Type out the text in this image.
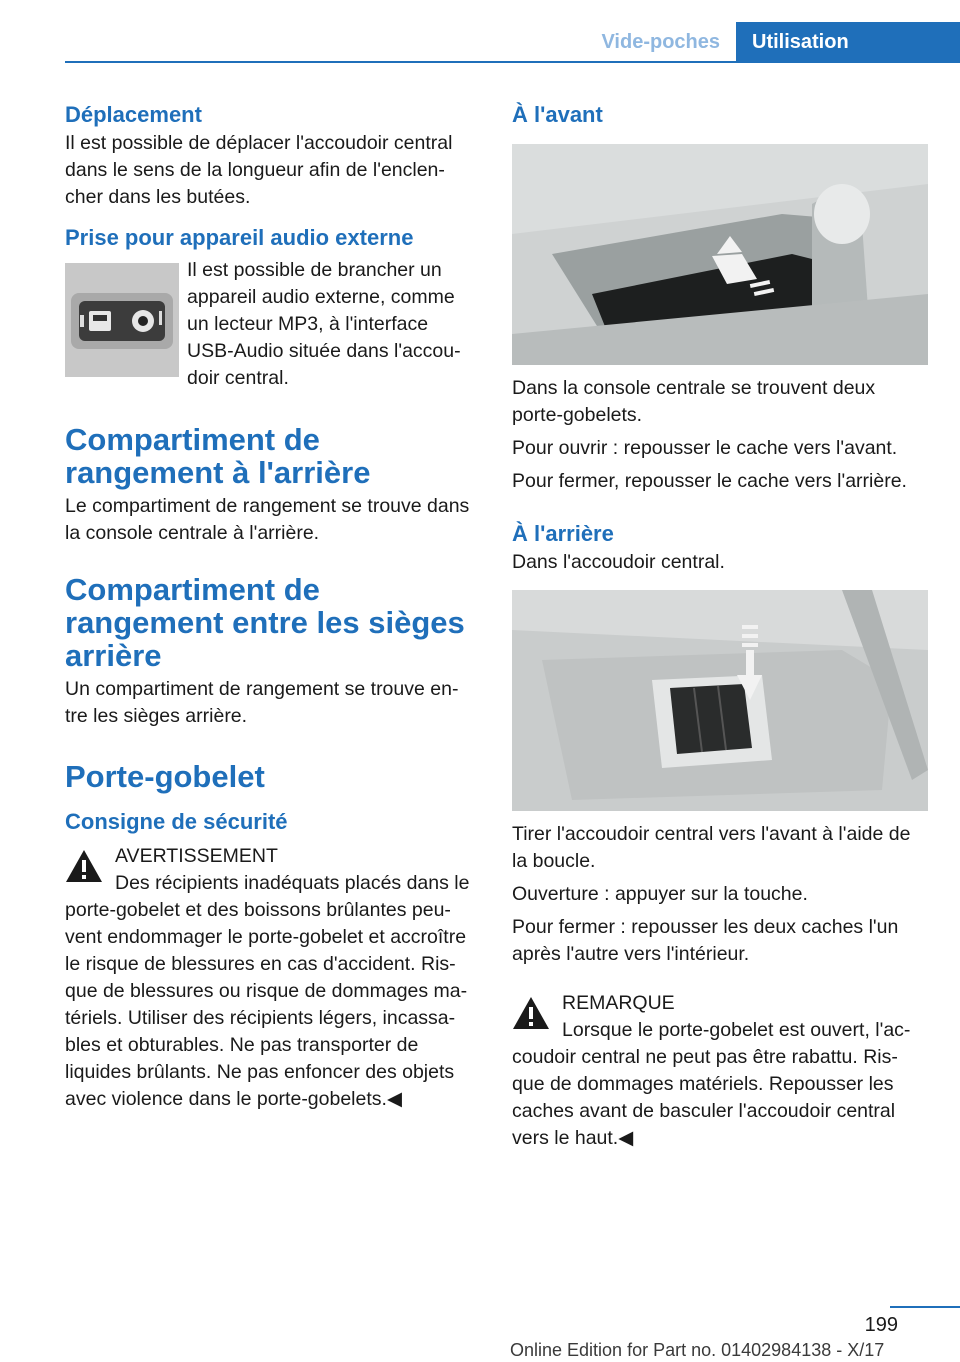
Vide-poches	Utilisation
Déplacement

Il est possible de déplacer l'accoudoir central dans le sens de la longueur afin de l'enclen-cher dans les butées.

Prise pour appareil audio externe

Il est possible de brancher un appareil audio externe, comme un lecteur MP3, à l'interface USB-Audio située dans l'accou-doir central.

Compartiment de rangement à l'arrière

Le compartiment de rangement se trouve dans la console centrale à l'arrière.

Compartiment de rangement entre les sièges arrière

Un compartiment de rangement se trouve en-tre les sièges arrière.

Porte-gobelet
Consigne de sécurité

AVERTISSEMENT

Des récipients inadéquats placés dans le porte-gobelet et des boissons brûlantes peu-vent endommager le porte-gobelet et accroître le risque de blessures en cas d'accident. Ris-que de blessures ou risque de dommages ma-tériels. Utiliser des récipients légers, incassa-bles et obturables. Ne pas transporter de liquides brûlants. Ne pas enfoncer des objets avec violence dans le porte-gobelets.◀

À l'avant

Dans la console centrale se trouvent deux porte-gobelets.

Pour ouvrir : repousser le cache vers l'avant.

Pour fermer, repousser le cache vers l'arrière.

À l'arrière

Dans l'accoudoir central.

Tirer l'accoudoir central vers l'avant à l'aide de la boucle.

Ouverture : appuyer sur la touche.

Pour fermer : repousser les deux caches l'un après l'autre vers l'intérieur.

REMARQUE

Lorsque le porte-gobelet est ouvert, l'ac-coudoir central ne peut pas être rabattu. Ris-que de dommages matériels. Repousser les caches avant de basculer l'accoudoir central vers le haut.◀

199
Online Edition for Part no. 01402984138 - X/17
